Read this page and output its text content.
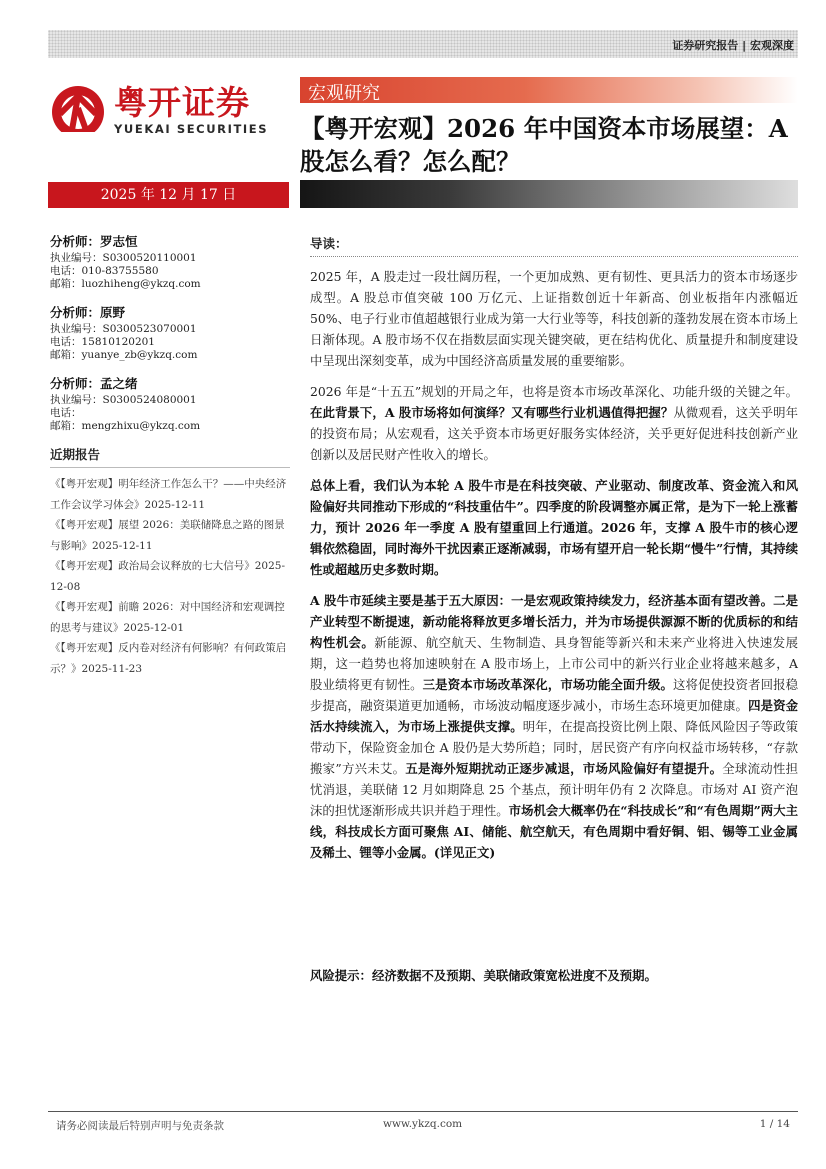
证券研究报告 | 宏观深度
粤开证券
YUEKAI SECURITIES
宏观研究
【粤开宏观】2026 年中国资本市场展望：A 股怎么看？怎么配？
2025 年 12 月 17 日
分析师：罗志恒
执业编号：S0300520110001
电话：010-83755580
邮箱：luozhiheng@ykzq.com
分析师：原野
执业编号：S0300523070001
电话：15810120201
邮箱：yuanye_zb@ykzq.com
分析师：孟之绪
执业编号：S0300524080001
电话：
邮箱：mengzhixu@ykzq.com
近期报告
《【粤开宏观】明年经济工作怎么干？——中央经济工作会议学习体会》2025-12-11
《【粤开宏观】展望 2026：美联储降息之路的图景与影响》2025-12-11
《【粤开宏观】政治局会议释放的七大信号》2025-12-08
《【粤开宏观】前瞻 2026：对中国经济和宏观调控的思考与建议》2025-12-01
《【粤开宏观】反内卷对经济有何影响？有何政策启示？》2025-11-23
导读：

2025 年，A 股走过一段壮阔历程，一个更加成熟、更有韧性、更具活力的资本市场逐步成型。A 股总市值突破 100 万亿元、上证指数创近十年新高、创业板指年内涨幅近 50%、电子行业市值超越银行业成为第一大行业等等，科技创新的蓬勃发展在资本市场上日渐体现。A 股市场不仅在指数层面实现关键突破，更在结构优化、质量提升和制度建设中呈现出深刻变革，成为中国经济高质量发展的重要缩影。

2026 年是“十五五”规划的开局之年，也将是资本市场改革深化、功能升级的关键之年。在此背景下，A 股市场将如何演绎？又有哪些行业机遇值得把握？从微观看，这关乎明年的投资布局；从宏观看，这关乎资本市场更好服务实体经济，关乎更好促进科技创新产业创新以及居民财产性收入的增长。

总体上看，我们认为本轮 A 股牛市是在科技突破、产业驱动、制度改革、资金流入和风险偏好共同推动下形成的“科技重估牛”。四季度的阶段调整亦属正常，是为下一轮上涨蓄力，预计 2026 年一季度 A 股有望重回上行通道。2026 年，支撑 A 股牛市的核心逻辑依然稳固，同时海外干扰因素正逐渐减弱，市场有望开启一轮长期“慢牛”行情，其持续性或超越历史多数时期。

A 股牛市延续主要是基于五大原因：一是宏观政策持续发力，经济基本面有望改善。二是产业转型不断提速，新动能将释放更多增长活力，并为市场提供源源不断的优质标的和结构性机会。新能源、航空航天、生物制造、具身智能等新兴和未来产业将进入快速发展期，这一趋势也将加速映射在 A 股市场上，上市公司中的新兴行业企业将越来越多，A 股业绩将更有韧性。三是资本市场改革深化，市场功能全面升级。这将促使投资者回报稳步提高，融资渠道更加通畅，市场波动幅度逐步减小，市场生态环境更加健康。四是资金活水持续流入，为市场上涨提供支撑。明年，在提高投资比例上限、降低风险因子等政策带动下，保险资金加仓 A 股仍是大势所趋；同时，居民资产有序向权益市场转移，“存款搬家”方兴未艾。五是海外短期扰动正逐步减退，市场风险偏好有望提升。全球流动性担忧消退，美联储 12 月如期降息 25 个基点，预计明年仍有 2 次降息。市场对 AI 资产泡沫的担忧逐渐形成共识并趋于理性。市场机会大概率仍在“科技成长”和“有色周期”两大主线，科技成长方面可聚焦 AI、储能、航空航天，有色周期中看好铜、铝、锡等工业金属及稀土、锂等小金属。(详见正文)

风险提示：经济数据不及预期、美联储政策宽松进度不及预期。
请务必阅读最后特别声明与免责条款	www.ykzq.com	1 / 14
